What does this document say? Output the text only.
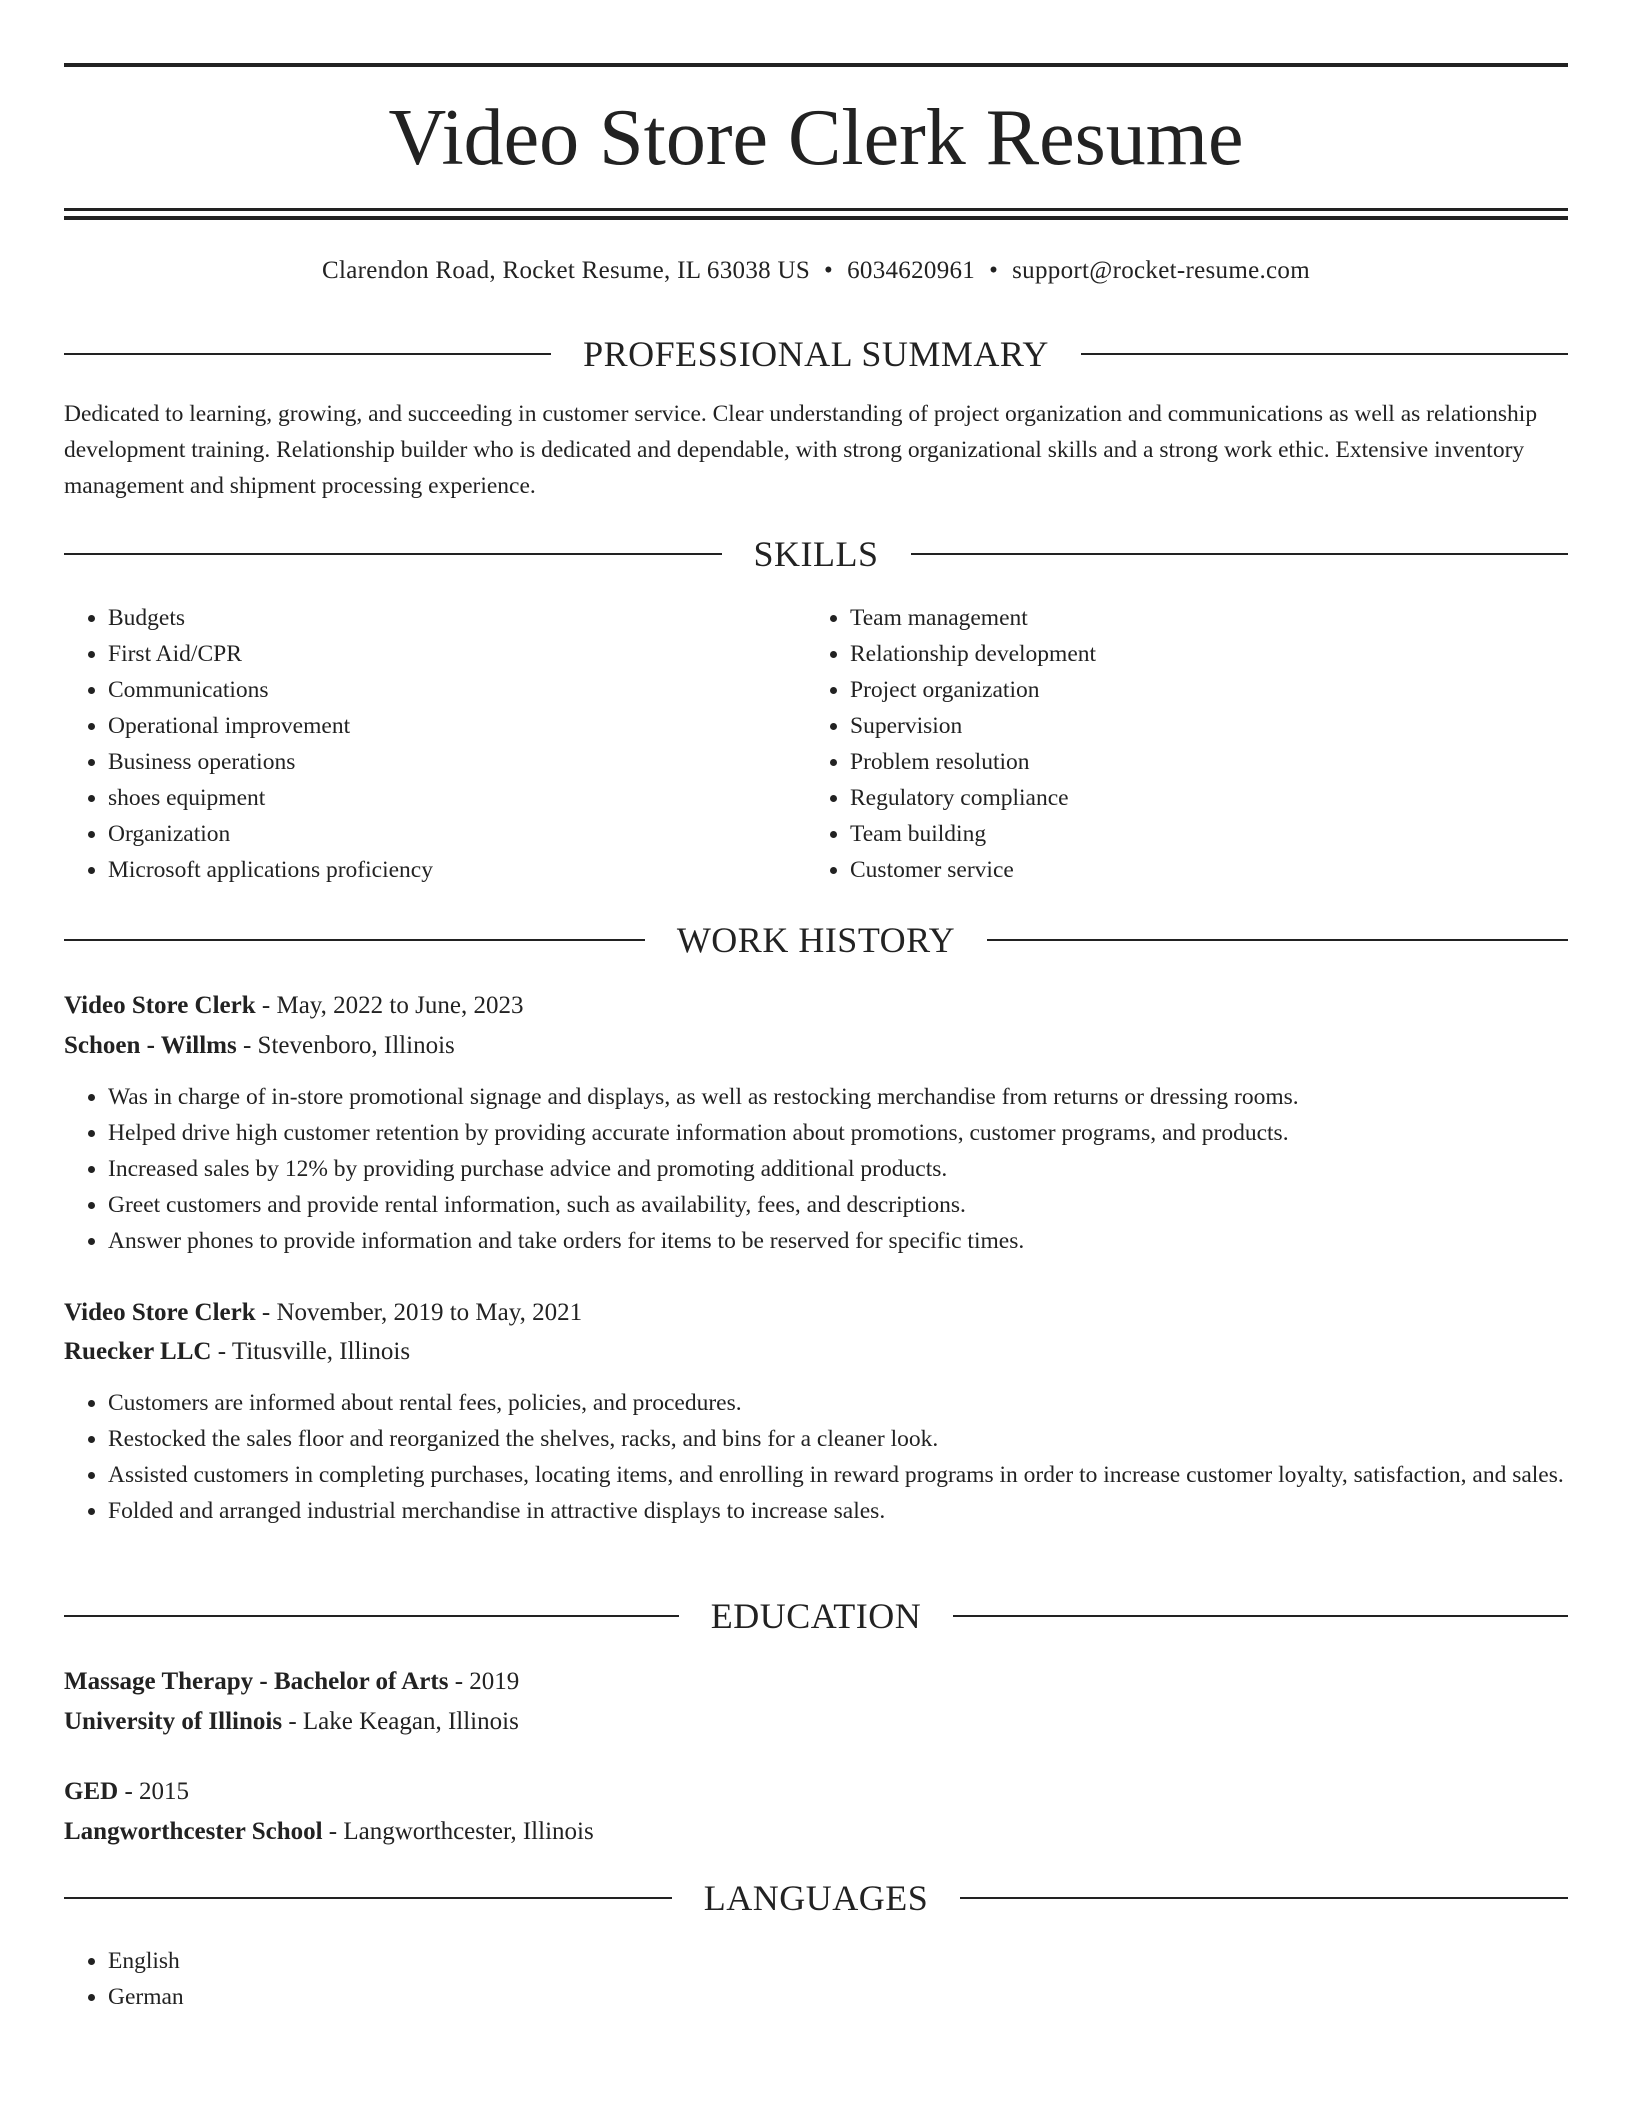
Video Store Clerk Resume
Clarendon Road, Rocket Resume, IL 63038 US • 6034620961 • support@rocket-resume.com
PROFESSIONAL SUMMARY

Dedicated to learning, growing, and succeeding in customer service. Clear understanding of project organization and communications as well as relationship development training. Relationship builder who is dedicated and dependable, with strong organizational skills and a strong work ethic. Extensive inventory management and shipment processing experience.

SKILLS
• Budgets
• First Aid/CPR
• Communications
• Operational improvement
• Business operations
• shoes equipment
• Organization
• Microsoft applications proficiency
• Team management
• Relationship development
• Project organization
• Supervision
• Problem resolution
• Regulatory compliance
• Team building
• Customer service
WORK HISTORY
Video Store Clerk - May, 2022 to June, 2023
Schoen - Willms - Stevenboro, Illinois
• Was in charge of in-store promotional signage and displays, as well as restocking merchandise from returns or dressing rooms.
• Helped drive high customer retention by providing accurate information about promotions, customer programs, and products.
• Increased sales by 12% by providing purchase advice and promoting additional products.
• Greet customers and provide rental information, such as availability, fees, and descriptions.
• Answer phones to provide information and take orders for items to be reserved for specific times.
Video Store Clerk - November, 2019 to May, 2021
Ruecker LLC - Titusville, Illinois
• Customers are informed about rental fees, policies, and procedures.
• Restocked the sales floor and reorganized the shelves, racks, and bins for a cleaner look.
• Assisted customers in completing purchases, locating items, and enrolling in reward programs in order to increase customer loyalty, satisfaction, and sales.
• Folded and arranged industrial merchandise in attractive displays to increase sales.
EDUCATION
Massage Therapy - Bachelor of Arts - 2019
University of Illinois - Lake Keagan, Illinois
GED - 2015
Langworthcester School - Langworthcester, Illinois
LANGUAGES
• English
• German
